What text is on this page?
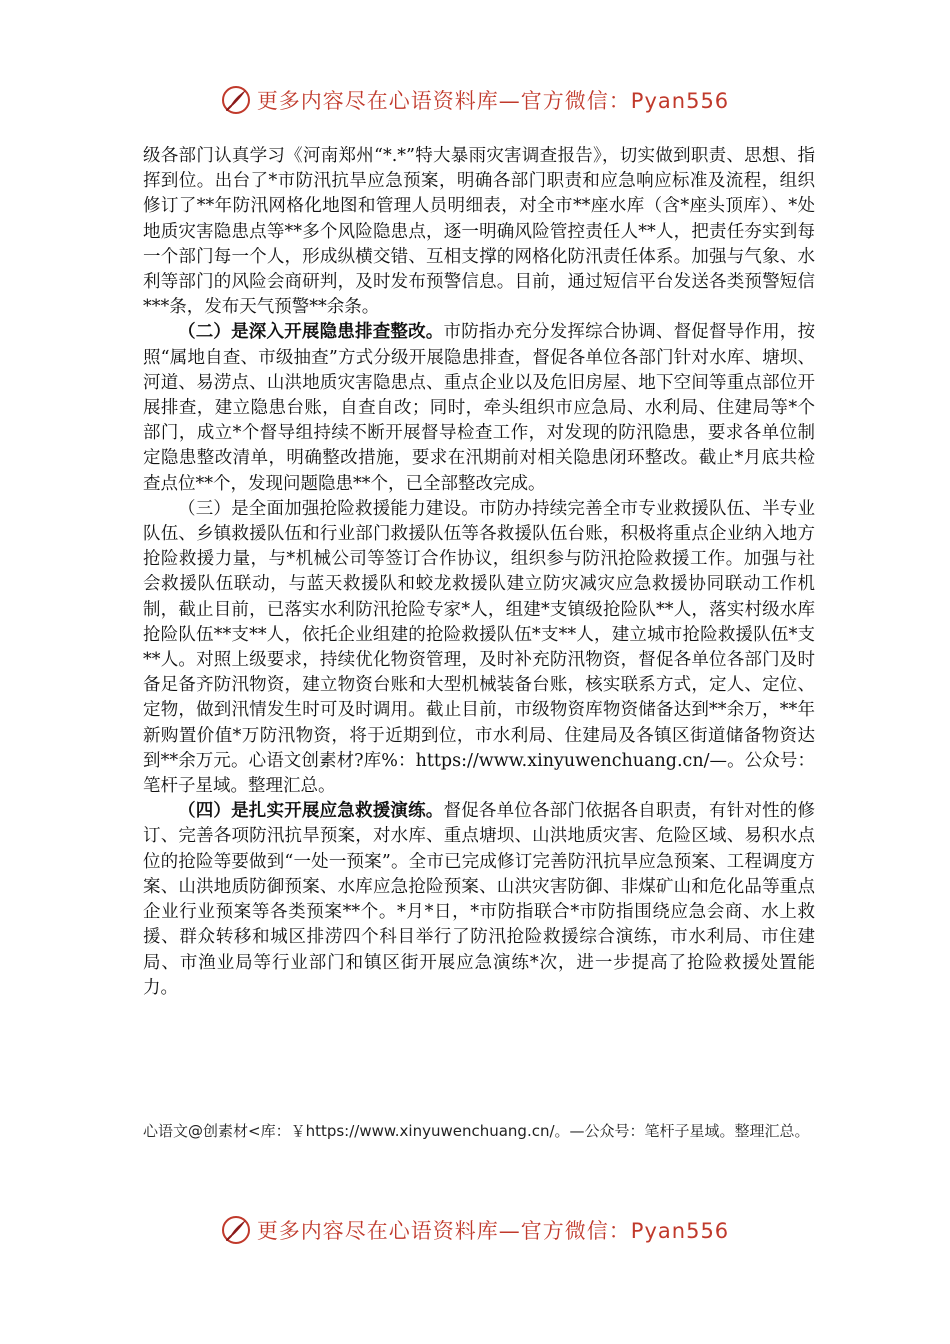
更多内容尽在心语资料库—官方微信：Pyan556

级各部门认真学习《河南郑州“*.*”特大暴雨灾害调查报告》，切实做到职责、思想、指挥到位。出台了*市防汛抗旱应急预案，明确各部门职责和应急响应标准及流程，组织修订了**年防汛网格化地图和管理人员明细表，对全市**座水库（含*座头顶库）、*处地质灾害隐患点等**多个风险隐患点，逐一明确风险管控责任人**人，把责任夯实到每一个部门每一个人，形成纵横交错、互相支撑的网格化防汛责任体系。加强与气象、水利等部门的风险会商研判，及时发布预警信息。目前，通过短信平台发送各类预警短信***条，发布天气预警**余条。

（二）是深入开展隐患排查整改。市防指办充分发挥综合协调、督促督导作用，按照“属地自查、市级抽查”方式分级开展隐患排查，督促各单位各部门针对水库、塘坝、河道、易涝点、山洪地质灾害隐患点、重点企业以及危旧房屋、地下空间等重点部位开展排查，建立隐患台账，自查自改；同时，牵头组织市应急局、水利局、住建局等*个部门，成立*个督导组持续不断开展督导检查工作，对发现的防汛隐患，要求各单位制定隐患整改清单，明确整改措施，要求在汛期前对相关隐患闭环整改。截止*月底共检查点位**个，发现问题隐患**个，已全部整改完成。

（三）是全面加强抢险救援能力建设。市防办持续完善全市专业救援队伍、半专业队伍、乡镇救援队伍和行业部门救援队伍等各救援队伍台账，积极将重点企业纳入地方抢险救援力量，与*机械公司等签订合作协议，组织参与防汛抢险救援工作。加强与社会救援队伍联动，与蓝天救援队和蛟龙救援队建立防灾减灾应急救援协同联动工作机制，截止目前，已落实水利防汛抢险专家*人，组建*支镇级抢险队**人，落实村级水库抢险队伍**支**人，依托企业组建的抢险救援队伍*支**人，建立城市抢险救援队伍*支**人。对照上级要求，持续优化物资管理，及时补充防汛物资，督促各单位各部门及时备足备齐防汛物资，建立物资台账和大型机械装备台账，核实联系方式，定人、定位、定物，做到汛情发生时可及时调用。截止目前，市级物资库物资储备达到**余万，**年新购置价值*万防汛物资，将于近期到位，市水利局、住建局及各镇区街道储备物资达到**余万元。心语文创素材?库%：https://www.xinyuwenchuang.cn/—。公众号：笔杆子星域。整理汇总。

（四）是扎实开展应急救援演练。督促各单位各部门依据各自职责，有针对性的修订、完善各项防汛抗旱预案，对水库、重点塘坝、山洪地质灾害、危险区域、易积水点位的抢险等要做到“一处一预案”。全市已完成修订完善防汛抗旱应急预案、工程调度方案、山洪地质防御预案、水库应急抢险预案、山洪灾害防御、非煤矿山和危化品等重点企业行业预案等各类预案**个。*月*日，*市防指联合*市防指围绕应急会商、水上救援、群众转移和城区排涝四个科目举行了防汛抢险救援综合演练，市水利局、市住建局、市渔业局等行业部门和镇区街开展应急演练*次，进一步提高了抢险救援处置能力。

心语文@创素材<库：￥https://www.xinyuwenchuang.cn/。—公众号：笔杆子星域。整理汇总。
更多内容尽在心语资料库—官方微信：Pyan556
